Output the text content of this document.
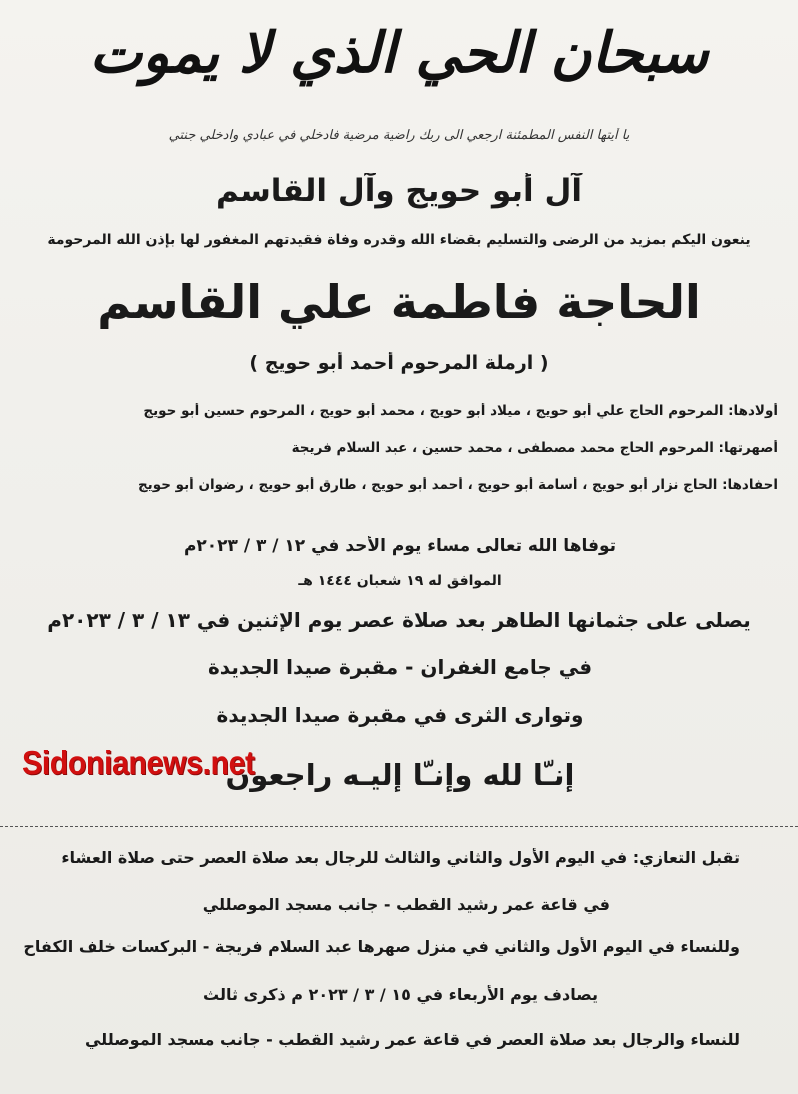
سبحان الحي الذي لا يموت
يا أيتها النفس المطمئنة ارجعي الى ربك راضية مرضية فادخلي في عبادي وادخلي جنتي
آل أبو حويج وآل القاسم
ينعون اليكم بمزيد من الرضى والتسليم بقضاء الله وقدره وفاة فقيدتهم المغفور لها بإذن الله المرحومة
الحاجة فاطمة علي القاسم
( ارملة المرحوم أحمد أبو حويج )
أولادها: المرحوم الحاج علي أبو حويج ، ميلاد أبو حويج ، محمد أبو حويج ، المرحوم حسين أبو حويج
أصهرتها: المرحوم الحاج محمد مصطفى ، محمد حسين ، عبد السلام فريجة
احفادها: الحاج نزار أبو حويج ، أسامة أبو حويج ، أحمد أبو حويج ، طارق أبو حويج ، رضوان أبو حويج
توفاها الله تعالى مساء يوم الأحد في ١٢ / ٣ / ٢٠٢٣م
الموافق له ١٩ شعبان ١٤٤٤ هـ
يصلى على جثمانها الطاهر بعد صلاة عصر يوم الإثنين في ١٣ / ٣ / ٢٠٢٣م
في جامع الغفران - مقبرة صيدا الجديدة
وتوارى الثرى في مقبرة صيدا الجديدة
إنـّا لله وإنـّا إليـه راجعون
Sidonianews.net
تقبل التعازي: في اليوم الأول والثاني والثالث للرجال بعد صلاة العصر حتى صلاة العشاء
في قاعة عمر رشيد القطب - جانب مسجد الموصللي
وللنساء في اليوم الأول والثاني في منزل صهرها عبد السلام فريجة - البركسات خلف الكفاح
يصادف يوم الأربعاء في ١٥ / ٣ / ٢٠٢٣ م ذكرى ثالث
للنساء والرجال بعد صلاة العصر في قاعة عمر رشيد القطب - جانب مسجد الموصللي
